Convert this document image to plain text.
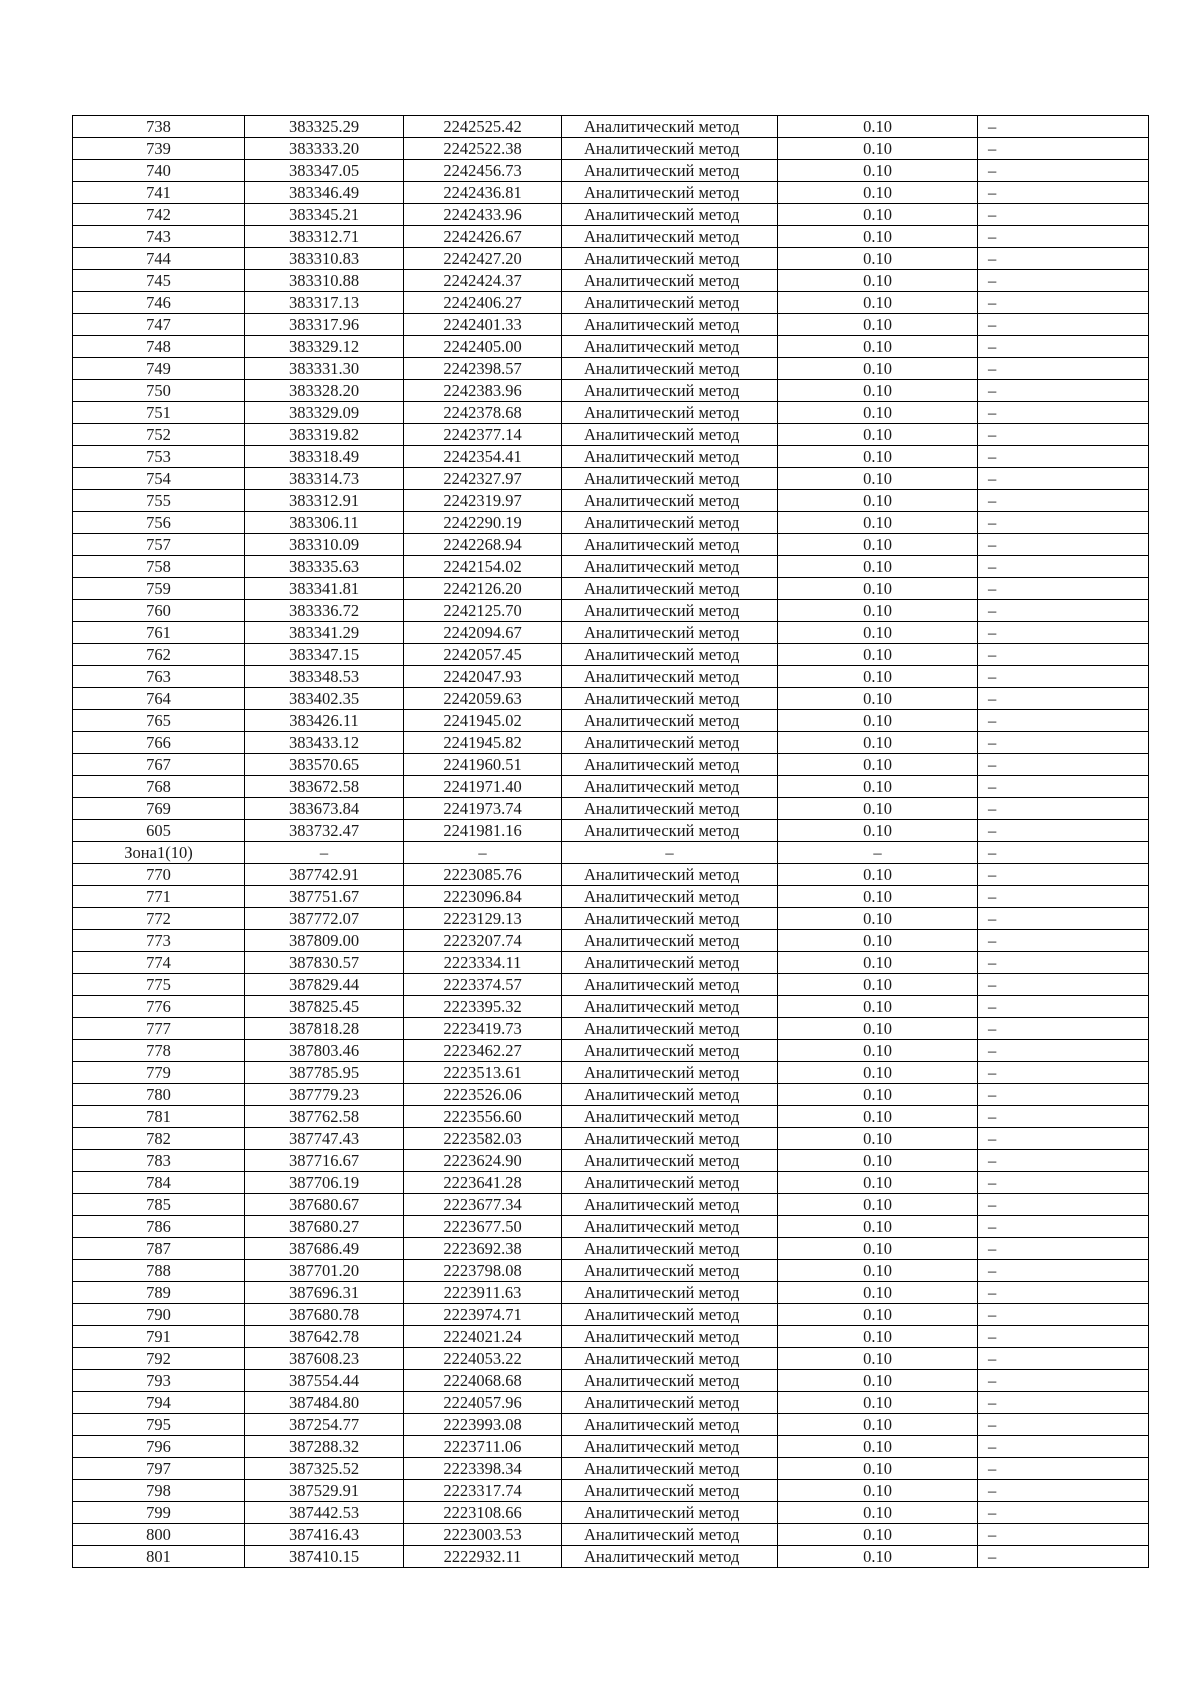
738	383325.29	2242525.42	Аналитический метод	0.10	–
739	383333.20	2242522.38	Аналитический метод	0.10	–
740	383347.05	2242456.73	Аналитический метод	0.10	–
741	383346.49	2242436.81	Аналитический метод	0.10	–
742	383345.21	2242433.96	Аналитический метод	0.10	–
743	383312.71	2242426.67	Аналитический метод	0.10	–
744	383310.83	2242427.20	Аналитический метод	0.10	–
745	383310.88	2242424.37	Аналитический метод	0.10	–
746	383317.13	2242406.27	Аналитический метод	0.10	–
747	383317.96	2242401.33	Аналитический метод	0.10	–
748	383329.12	2242405.00	Аналитический метод	0.10	–
749	383331.30	2242398.57	Аналитический метод	0.10	–
750	383328.20	2242383.96	Аналитический метод	0.10	–
751	383329.09	2242378.68	Аналитический метод	0.10	–
752	383319.82	2242377.14	Аналитический метод	0.10	–
753	383318.49	2242354.41	Аналитический метод	0.10	–
754	383314.73	2242327.97	Аналитический метод	0.10	–
755	383312.91	2242319.97	Аналитический метод	0.10	–
756	383306.11	2242290.19	Аналитический метод	0.10	–
757	383310.09	2242268.94	Аналитический метод	0.10	–
758	383335.63	2242154.02	Аналитический метод	0.10	–
759	383341.81	2242126.20	Аналитический метод	0.10	–
760	383336.72	2242125.70	Аналитический метод	0.10	–
761	383341.29	2242094.67	Аналитический метод	0.10	–
762	383347.15	2242057.45	Аналитический метод	0.10	–
763	383348.53	2242047.93	Аналитический метод	0.10	–
764	383402.35	2242059.63	Аналитический метод	0.10	–
765	383426.11	2241945.02	Аналитический метод	0.10	–
766	383433.12	2241945.82	Аналитический метод	0.10	–
767	383570.65	2241960.51	Аналитический метод	0.10	–
768	383672.58	2241971.40	Аналитический метод	0.10	–
769	383673.84	2241973.74	Аналитический метод	0.10	–
605	383732.47	2241981.16	Аналитический метод	0.10	–
Зона1(10)	–	–	–	–	–
770	387742.91	2223085.76	Аналитический метод	0.10	–
771	387751.67	2223096.84	Аналитический метод	0.10	–
772	387772.07	2223129.13	Аналитический метод	0.10	–
773	387809.00	2223207.74	Аналитический метод	0.10	–
774	387830.57	2223334.11	Аналитический метод	0.10	–
775	387829.44	2223374.57	Аналитический метод	0.10	–
776	387825.45	2223395.32	Аналитический метод	0.10	–
777	387818.28	2223419.73	Аналитический метод	0.10	–
778	387803.46	2223462.27	Аналитический метод	0.10	–
779	387785.95	2223513.61	Аналитический метод	0.10	–
780	387779.23	2223526.06	Аналитический метод	0.10	–
781	387762.58	2223556.60	Аналитический метод	0.10	–
782	387747.43	2223582.03	Аналитический метод	0.10	–
783	387716.67	2223624.90	Аналитический метод	0.10	–
784	387706.19	2223641.28	Аналитический метод	0.10	–
785	387680.67	2223677.34	Аналитический метод	0.10	–
786	387680.27	2223677.50	Аналитический метод	0.10	–
787	387686.49	2223692.38	Аналитический метод	0.10	–
788	387701.20	2223798.08	Аналитический метод	0.10	–
789	387696.31	2223911.63	Аналитический метод	0.10	–
790	387680.78	2223974.71	Аналитический метод	0.10	–
791	387642.78	2224021.24	Аналитический метод	0.10	–
792	387608.23	2224053.22	Аналитический метод	0.10	–
793	387554.44	2224068.68	Аналитический метод	0.10	–
794	387484.80	2224057.96	Аналитический метод	0.10	–
795	387254.77	2223993.08	Аналитический метод	0.10	–
796	387288.32	2223711.06	Аналитический метод	0.10	–
797	387325.52	2223398.34	Аналитический метод	0.10	–
798	387529.91	2223317.74	Аналитический метод	0.10	–
799	387442.53	2223108.66	Аналитический метод	0.10	–
800	387416.43	2223003.53	Аналитический метод	0.10	–
801	387410.15	2222932.11	Аналитический метод	0.10	–
